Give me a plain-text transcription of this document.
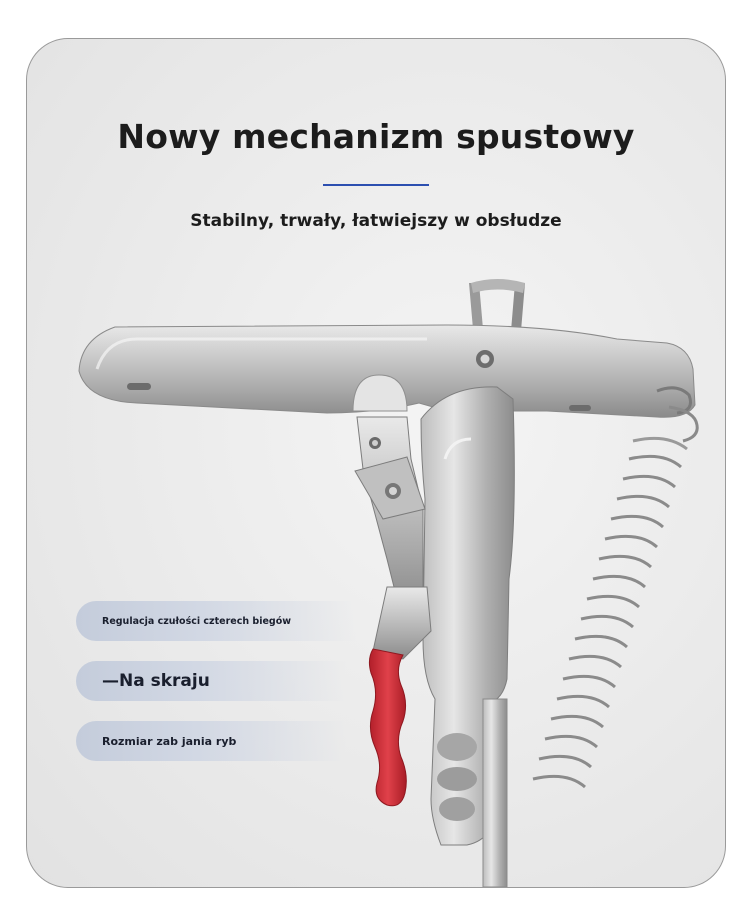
Nowy mechanizm spustowy
Stabilny, trwały, łatwiejszy w obsłudze
Regulacja czułości czterech biegów
—Na skraju
Rozmiar zab jania ryb
